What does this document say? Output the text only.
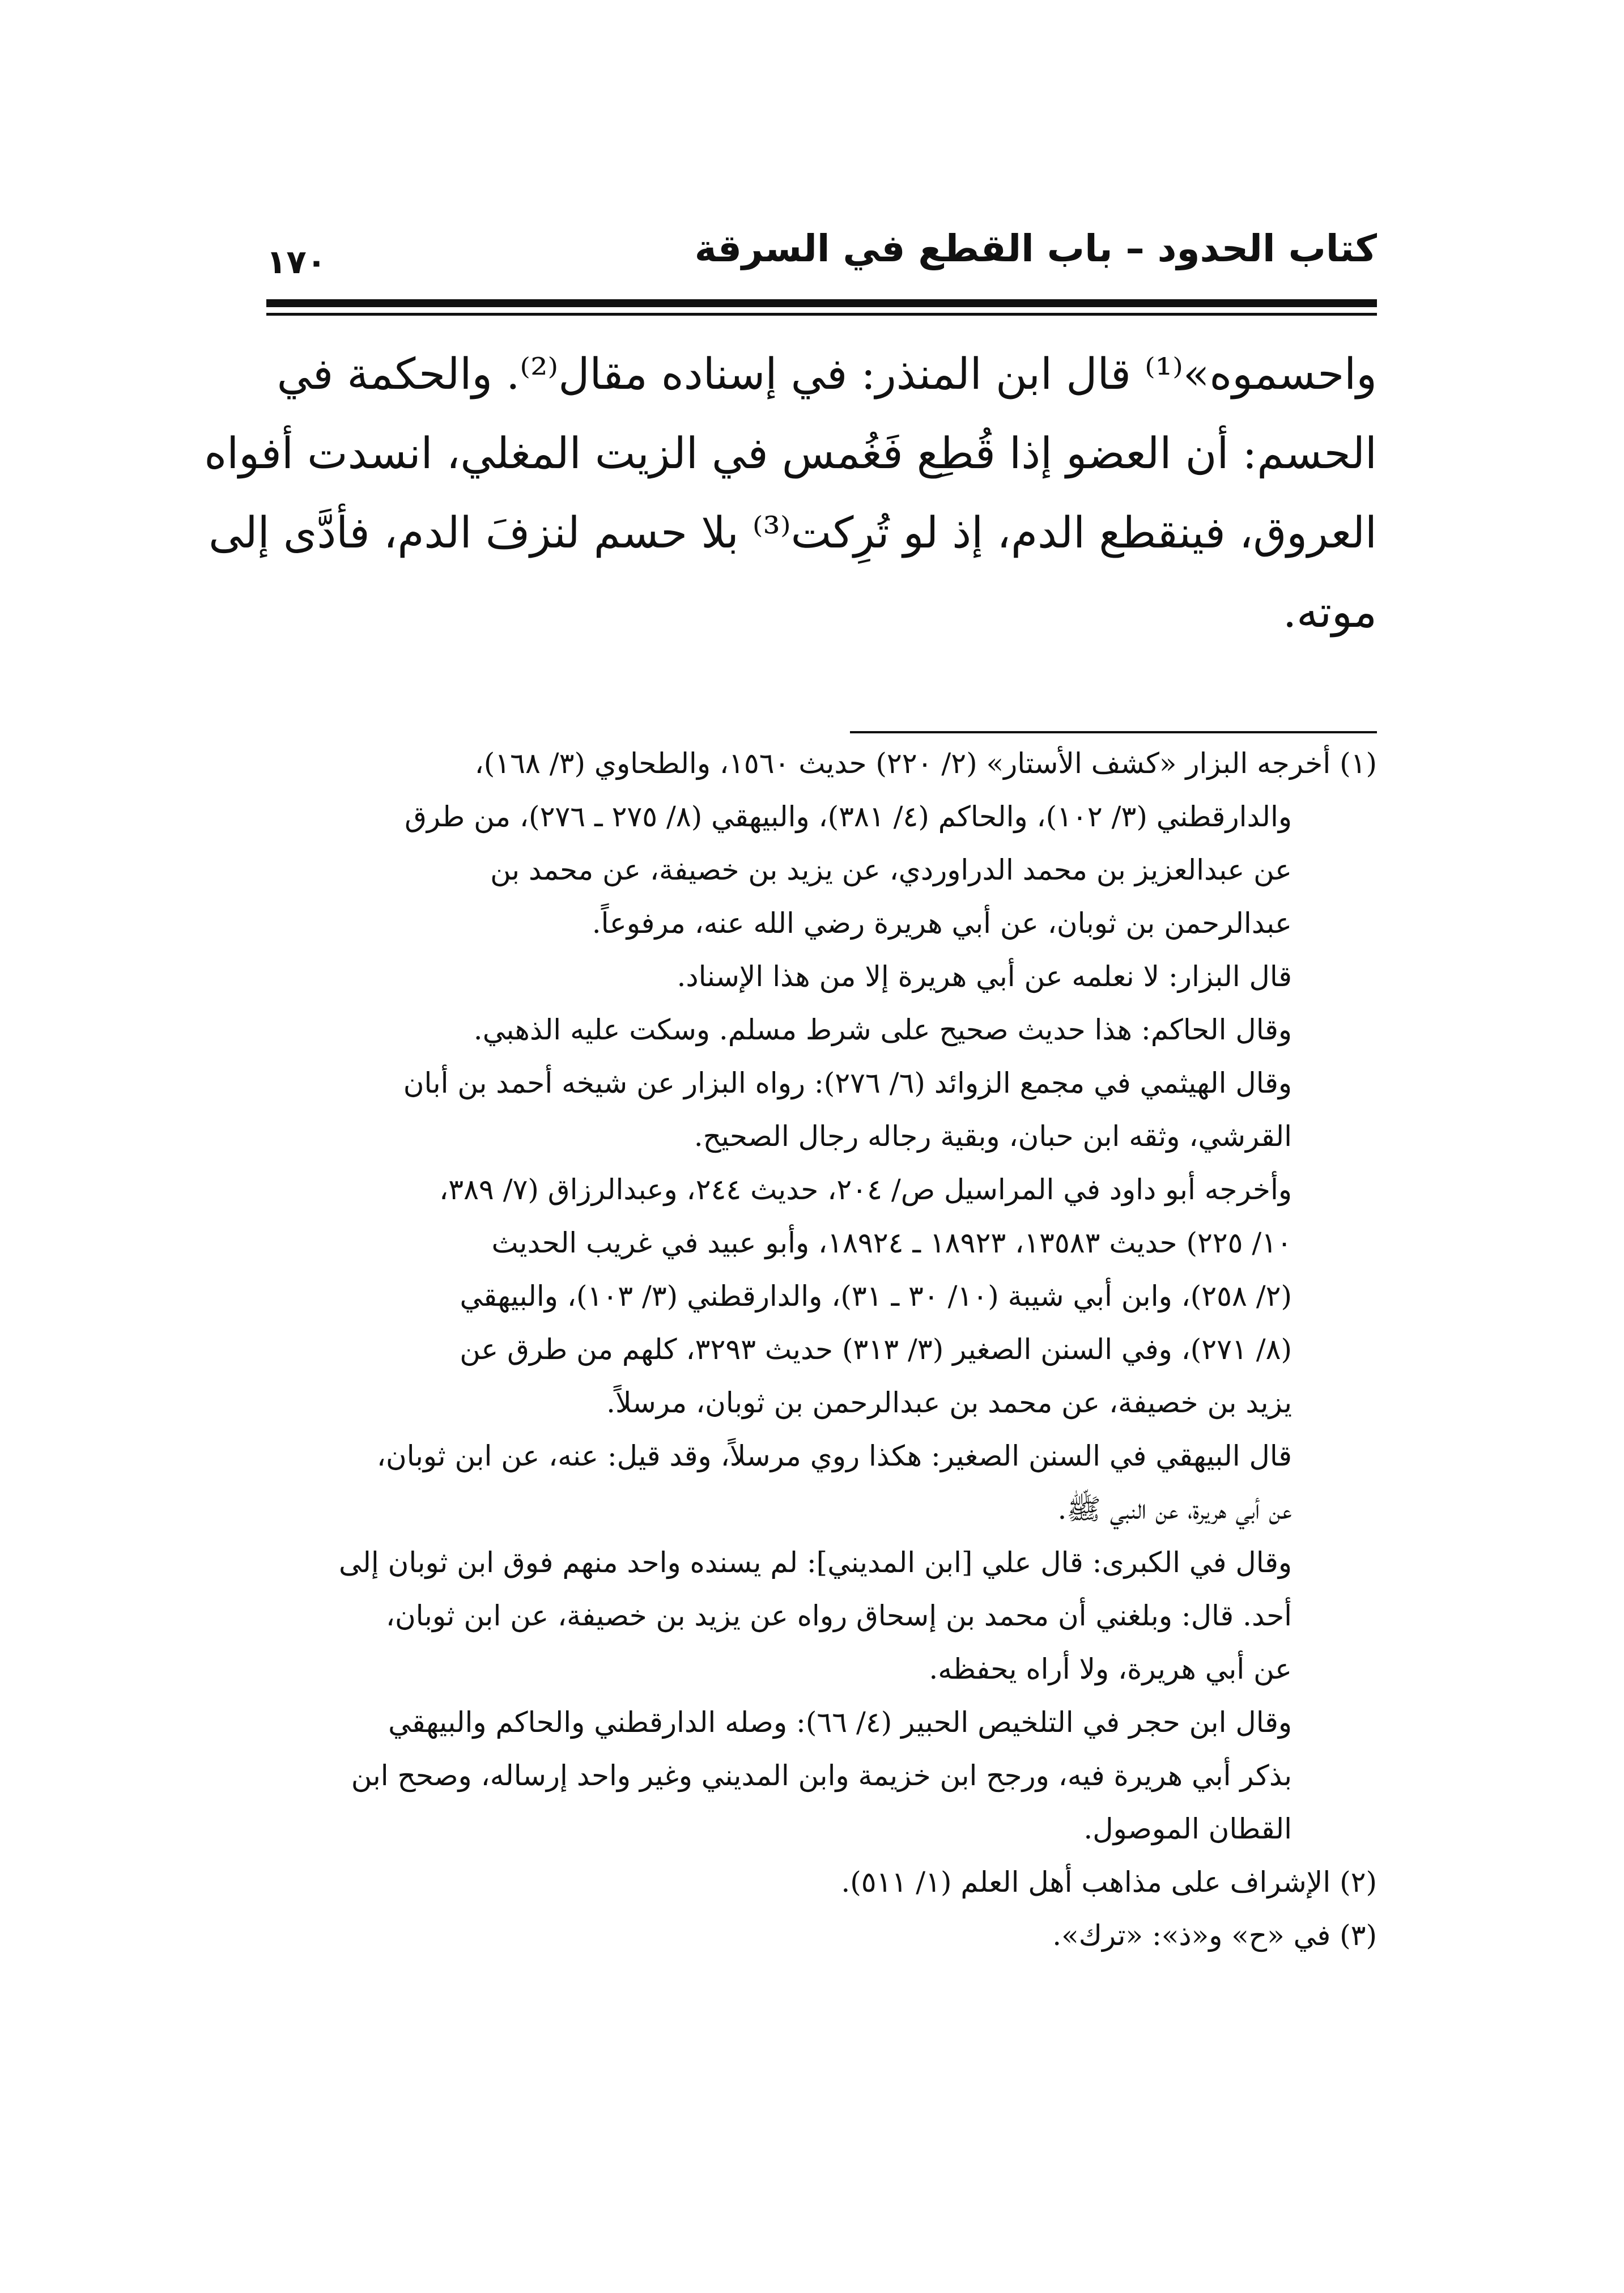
كتاب الحدود – باب القطع في السرقة
١٧٠
واحسموه»⁽¹⁾ قال ابن المنذر: في إسناده مقال⁽²⁾. والحكمة في
الحسم: أن العضو إذا قُطِع فَغُمس في الزيت المغلي، انسدت أفواه
العروق، فينقطع الدم، إذ لو تُرِكت⁽³⁾ بلا حسم لنزفَ الدم، فأدَّى إلى
موته.
(١) أخرجه البزار «كشف الأستار» (٢/ ٢٢٠) حديث ١٥٦٠، والطحاوي (٣/ ١٦٨)،
والدارقطني (٣/ ١٠٢)، والحاكم (٤/ ٣٨١)، والبيهقي (٨/ ٢٧٥ ـ ٢٧٦)، من طرق
عن عبدالعزيز بن محمد الدراوردي، عن يزيد بن خصيفة، عن محمد بن
عبدالرحمن بن ثوبان، عن أبي هريرة رضي الله عنه، مرفوعاً.
قال البزار: لا نعلمه عن أبي هريرة إلا من هذا الإسناد.
وقال الحاكم: هذا حديث صحيح على شرط مسلم. وسكت عليه الذهبي.
وقال الهيثمي في مجمع الزوائد (٦/ ٢٧٦): رواه البزار عن شيخه أحمد بن أبان
القرشي، وثقه ابن حبان، وبقية رجاله رجال الصحيح.
وأخرجه أبو داود في المراسيل ص/ ٢٠٤، حديث ٢٤٤، وعبدالرزاق (٧/ ٣٨٩،
١٠/ ٢٢٥) حديث ١٣٥٨٣، ١٨٩٢٣ ـ ١٨٩٢٤، وأبو عبيد في غريب الحديث
(٢/ ٢٥٨)، وابن أبي شيبة (١٠/ ٣٠ ـ ٣١)، والدارقطني (٣/ ١٠٣)، والبيهقي
(٨/ ٢٧١)، وفي السنن الصغير (٣/ ٣١٣) حديث ٣٢٩٣، كلهم من طرق عن
يزيد بن خصيفة، عن محمد بن عبدالرحمن بن ثوبان، مرسلاً.
قال البيهقي في السنن الصغير: هكذا روي مرسلاً، وقد قيل: عنه، عن ابن ثوبان،
عن أبي هريرة، عن النبي ﷺ.
وقال في الكبرى: قال علي [ابن المديني]: لم يسنده واحد منهم فوق ابن ثوبان إلى
أحد. قال: وبلغني أن محمد بن إسحاق رواه عن يزيد بن خصيفة، عن ابن ثوبان،
عن أبي هريرة، ولا أراه يحفظه.
وقال ابن حجر في التلخيص الحبير (٤/ ٦٦): وصله الدارقطني والحاكم والبيهقي
بذكر أبي هريرة فيه، ورجح ابن خزيمة وابن المديني وغير واحد إرساله، وصحح ابن
القطان الموصول.
(٢) الإشراف على مذاهب أهل العلم (١/ ٥١١).
(٣) في «ح» و«ذ»: «ترك».
